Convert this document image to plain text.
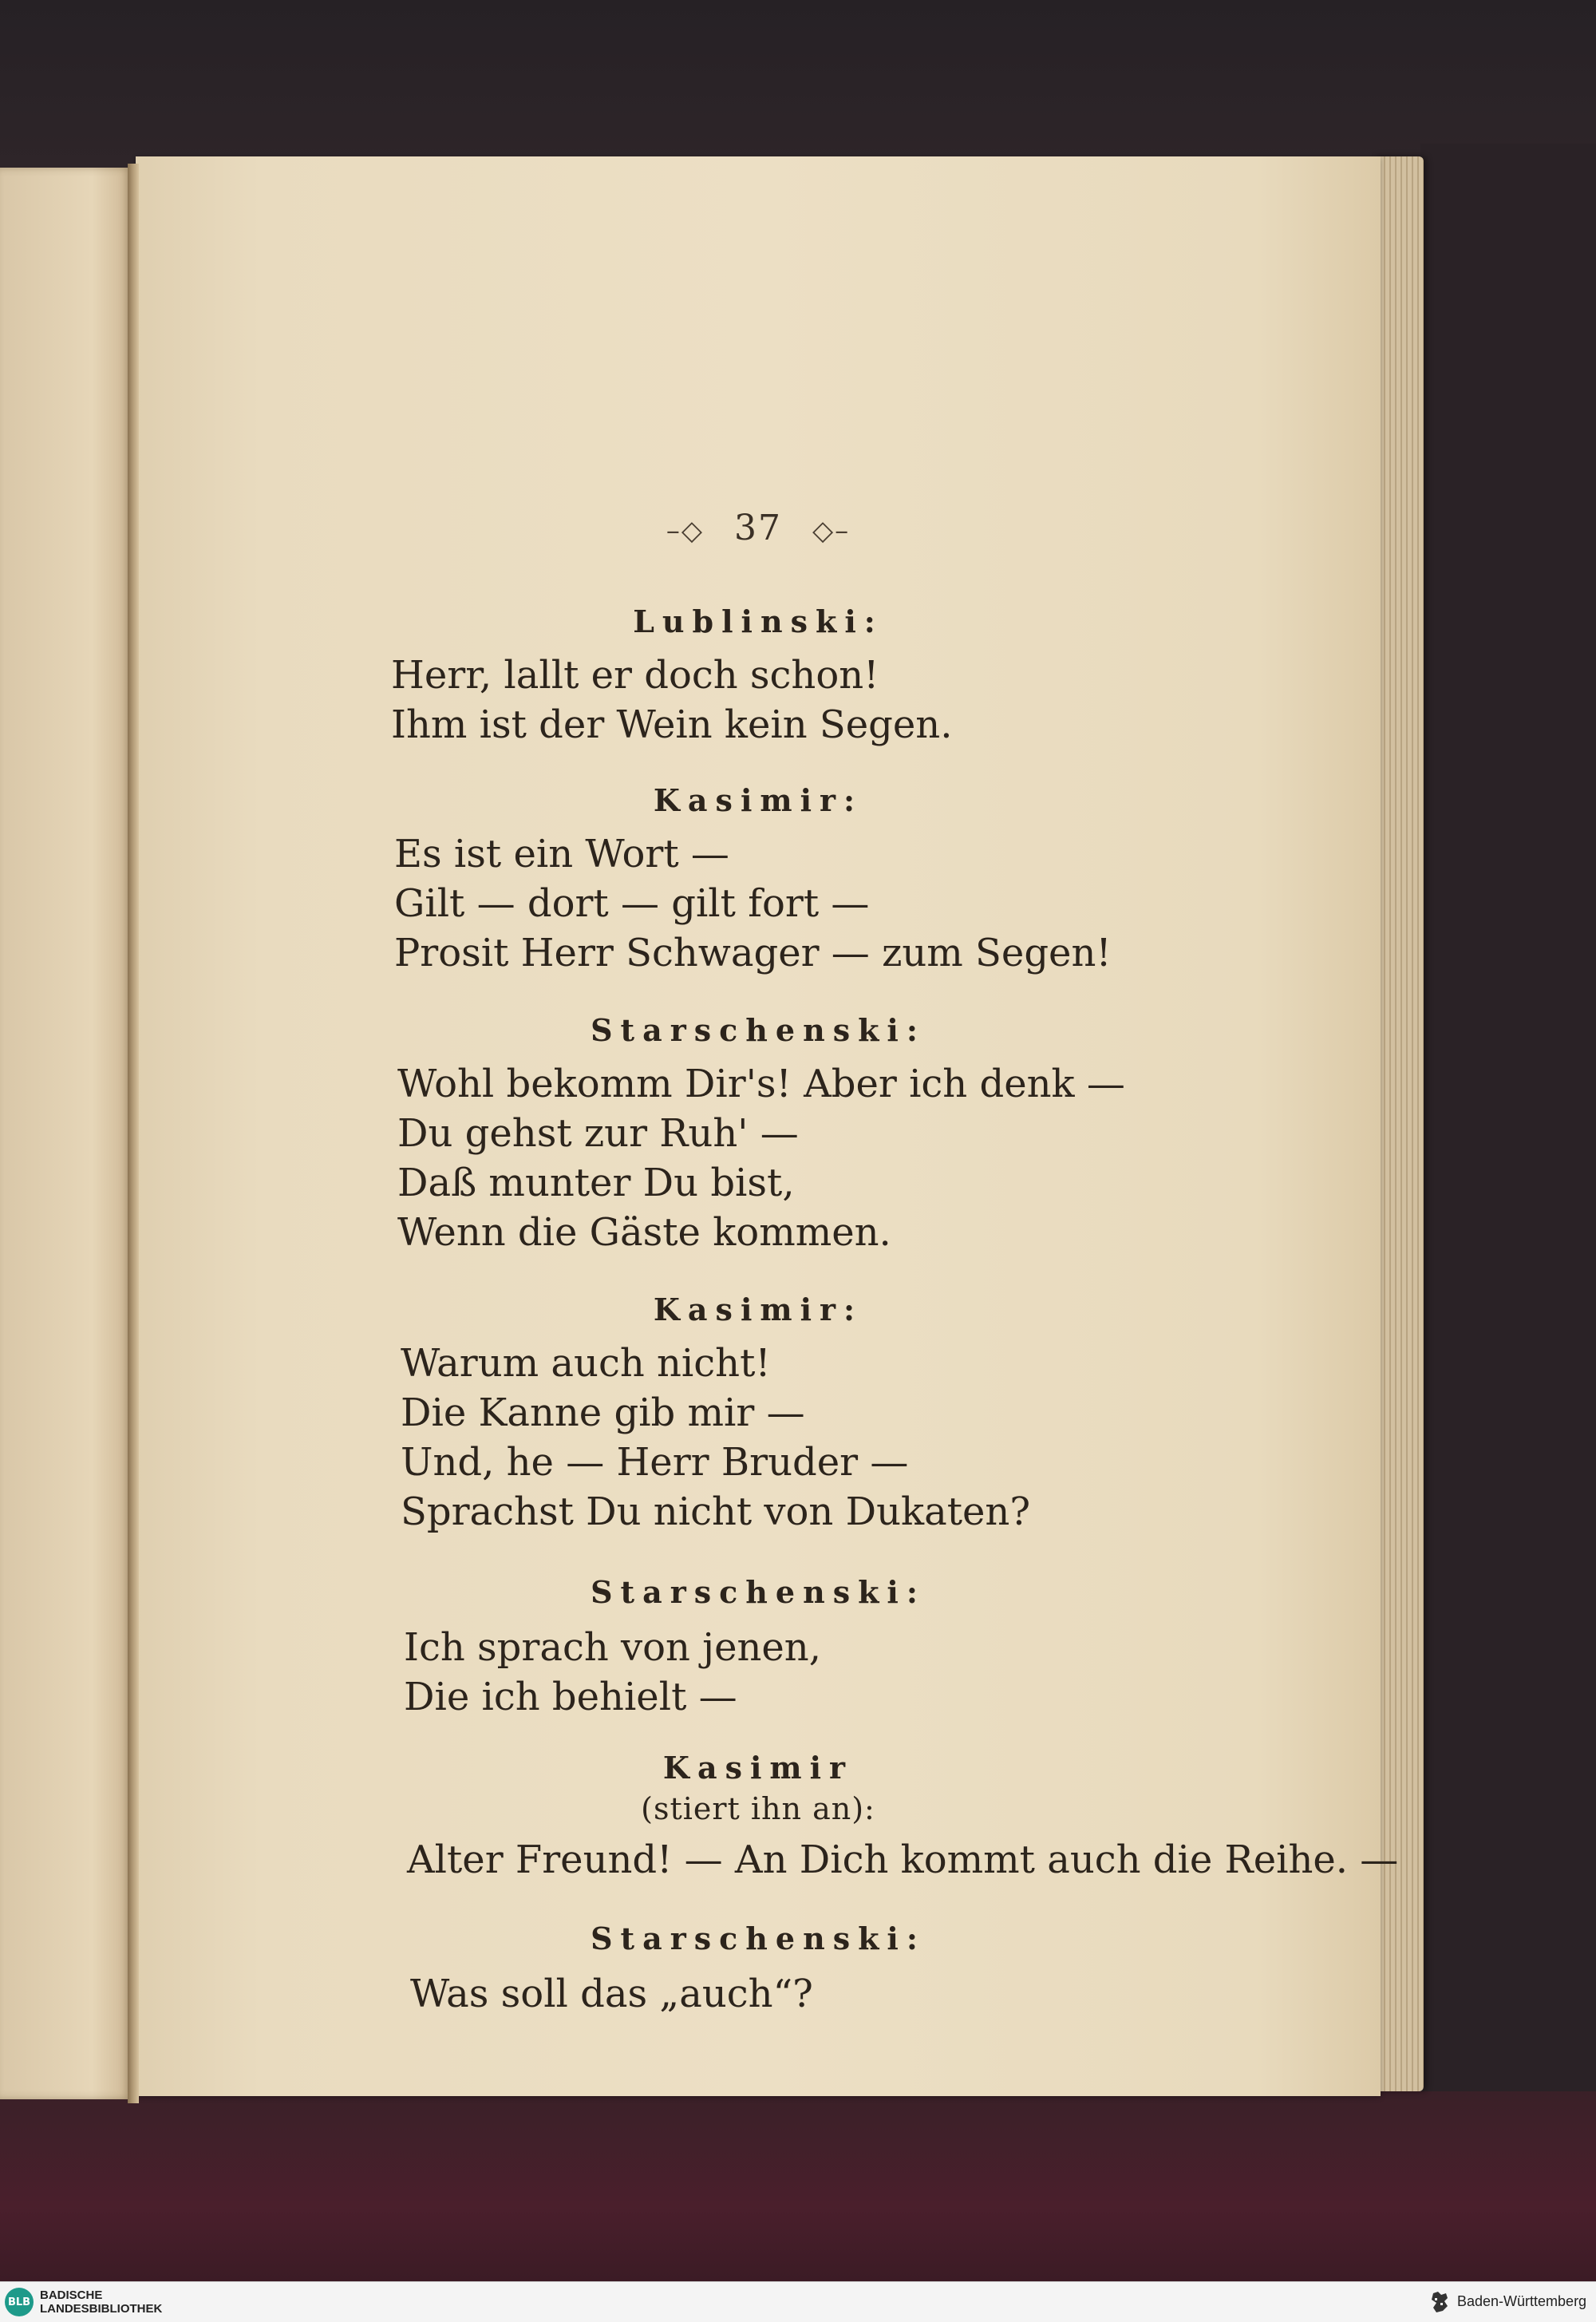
–◇ 37 ◇–
Lublinski:
Herr, lallt er doch schon!
Ihm ist der Wein kein Segen.
Kasimir:
Es ist ein Wort —
Gilt — dort — gilt fort —
Prosit Herr Schwager — zum Segen!
Starschenski:
Wohl bekomm Dir's! Aber ich denk —
Du gehst zur Ruh' —
Daß munter Du bist,
Wenn die Gäste kommen.
Kasimir:
Warum auch nicht!
Die Kanne gib mir —
Und, he — Herr Bruder —
Sprachst Du nicht von Dukaten?
Starschenski:
Ich sprach von jenen,
Die ich behielt —
Kasimir
(stiert ihn an):
Alter Freund! — An Dich kommt auch die Reihe. —
Starschenski:
Was soll das „auch“?
BLB BADISCHE
LANDESBIBLIOTHEK	Baden-Württemberg
